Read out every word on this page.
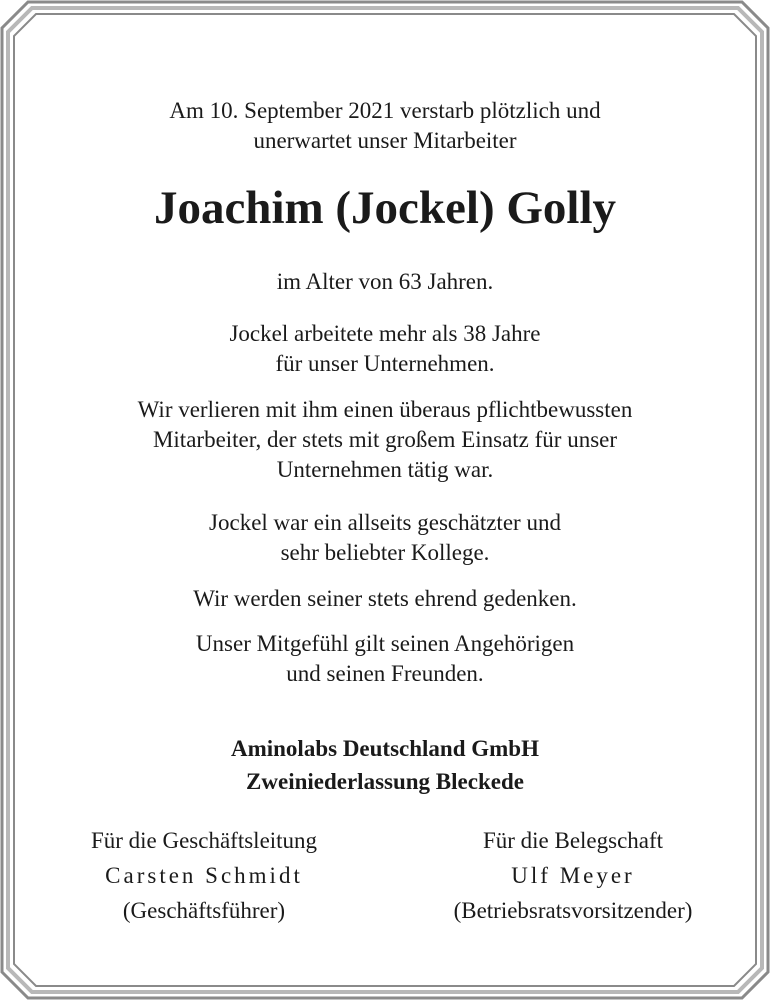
Am 10. September 2021 verstarb plötzlich und
unerwartet unser Mitarbeiter
Joachim (Jockel) Golly
im Alter von 63 Jahren.
Jockel arbeitete mehr als 38 Jahre
für unser Unternehmen.
Wir verlieren mit ihm einen überaus pflichtbewussten
Mitarbeiter, der stets mit großem Einsatz für unser
Unternehmen tätig war.
Jockel war ein allseits geschätzter und
sehr beliebter Kollege.
Wir werden seiner stets ehrend gedenken.
Unser Mitgefühl gilt seinen Angehörigen
und seinen Freunden.
Aminolabs Deutschland GmbH
Zweiniederlassung Bleckede
Für die Geschäftsleitung
Carsten Schmidt
(Geschäftsführer)
Für die Belegschaft
Ulf Meyer
(Betriebsratsvorsitzender)
